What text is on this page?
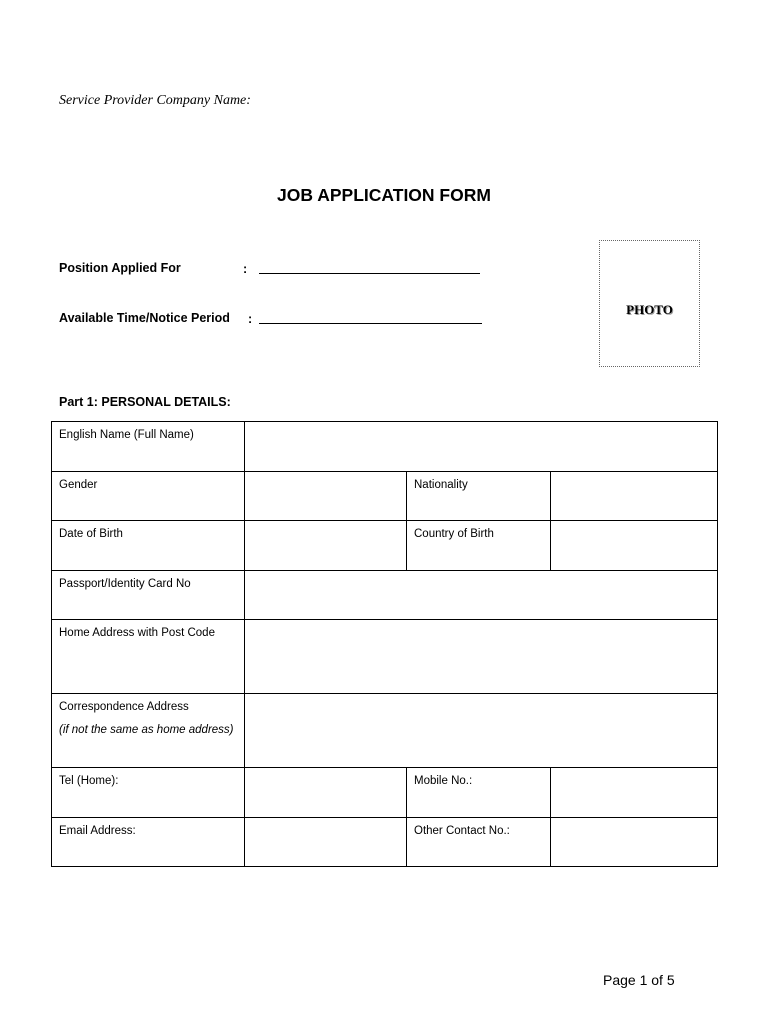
Service Provider Company Name:
JOB APPLICATION FORM
Position Applied For	:
Available Time/Notice Period :
PHOTO
Part 1: PERSONAL DETAILS:
English Name (Full Name)			
Gender		Nationality	
Date of Birth		Country of Birth	
Passport/Identity Card No			
Home Address with Post Code			
Correspondence Address
(if not the same as home address)			

Tel (Home):		Mobile No.:	
Email Address:		Other Contact No.:	
Page 1 of 5
